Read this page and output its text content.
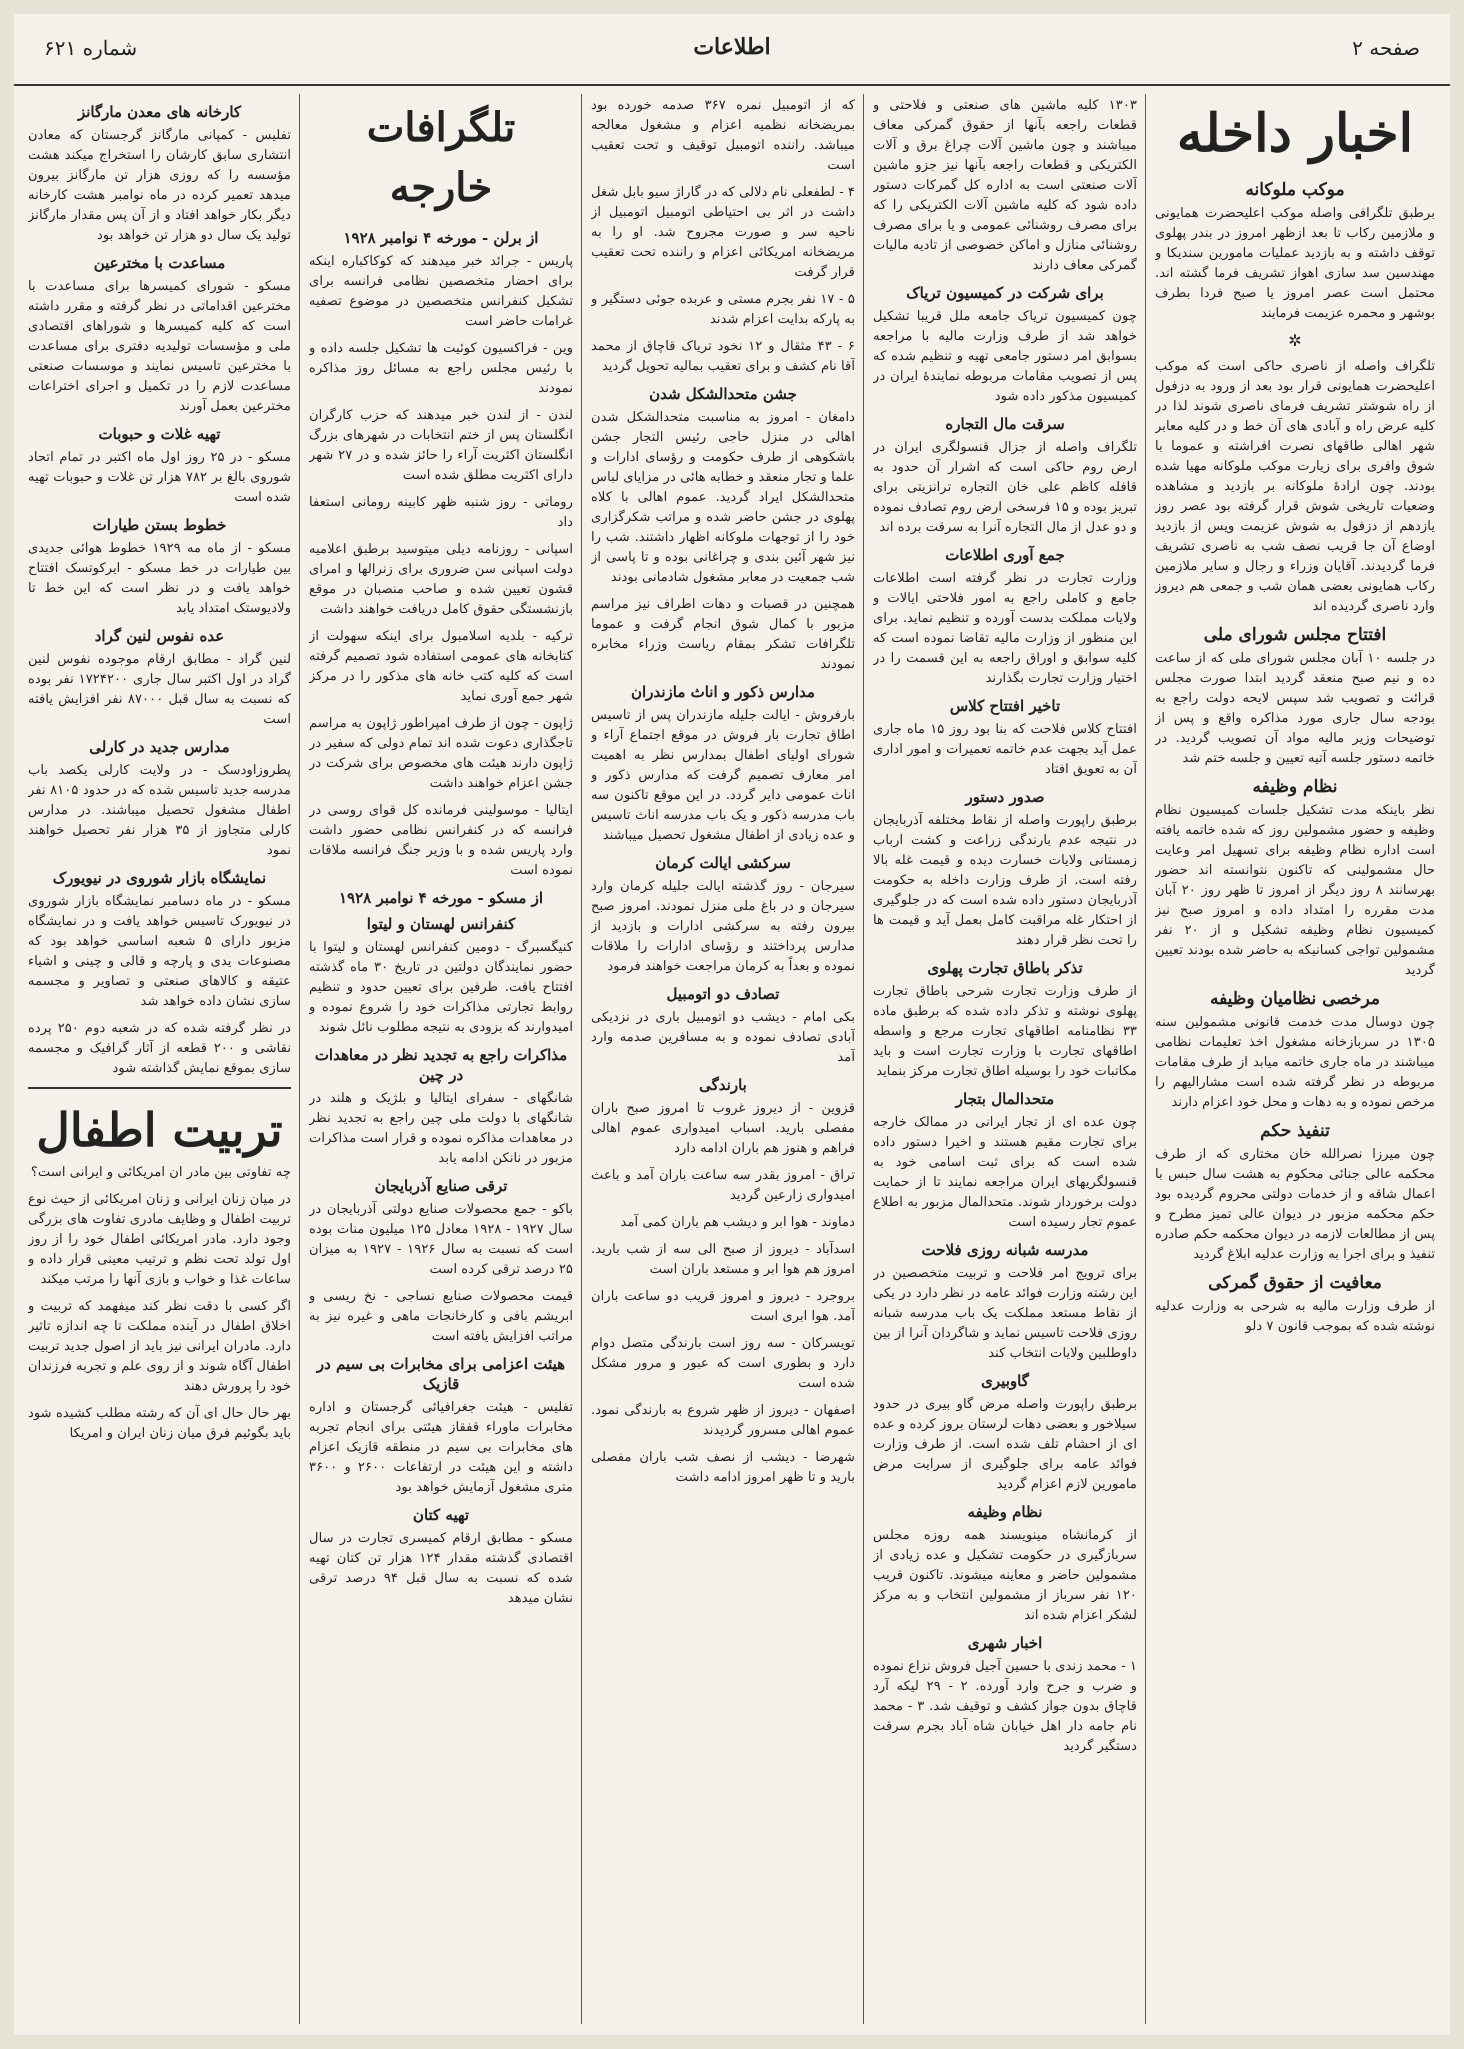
صفحه ۲
اطلاعات
شماره ۶۲۱
اخبار داخله
موکب ملوکانه

برطبق تلگرافی واصله موکب اعلیحضرت همایونی و ملازمین رکاب تا بعد ازظهر امروز در بندر پهلوی توقف داشته و به بازدید عملیات مامورین سندیکا و مهندسین سد سازی اهواز تشریف فرما گشته اند. محتمل است عصر امروز یا صبح فردا بطرف بوشهر و محمره عزیمت فرمایند

✲

تلگراف واصله از ناصری حاکی است که موکب اعلیحضرت همایونی قرار بود بعد از ورود به دزفول از راه شوشتر تشریف فرمای ناصری شوند لذا در کلیه عرض راه و آبادی های آن خط و در کلیه معابر شهر اهالی طاقهای نصرت افراشته و عموما با شوق وافری برای زیارت موکب ملوکانه مهیا شده بودند. چون ارادهٔ ملوکانه بر بازدید و مشاهده وضعیات تاریخی شوش قرار گرفته بود عصر روز یازدهم از دزفول به شوش عزیمت ویس از بازدید اوضاع آن جا قریب نصف شب به ناصری تشریف فرما گردیدند. آقایان وزراء و رجال و سایر ملازمین رکاب همایونی بعضی همان شب و جمعی هم دیروز وارد ناصری گردیده اند

افتتاح مجلس شورای ملی

در جلسه ۱۰ آبان مجلس شورای ملی که از ساعت ده و نیم صبح منعقد گردید ابتدا صورت مجلس قرائت و تصویب شد سپس لایحه دولت راجع به بودجه سال جاری مورد مذاکره واقع و پس از توضیحات وزیر مالیه مواد آن تصویب گردید. در خاتمه دستور جلسه آتیه تعیین و جلسه ختم شد

نظام وظیفه

نظر باینکه مدت تشکیل جلسات کمیسیون نظام وظیفه و حضور مشمولین روز که شده خاتمه یافته است اداره نظام وظیفه برای تسهیل امر وعایت حال مشمولینی که تاکنون نتوانسته اند حضور بهرسانند ۸ روز دیگر از امروز تا ظهر روز ۲۰ آبان مدت مقرره را امتداد داده و امروز صبح نیز کمیسیون نظام وظیفه تشکیل و از ۲۰ نفر مشمولین تواجی کسانیکه به حاضر شده بودند تعیین گردید

مرخصی نظامیان وظیفه

چون دوسال مدت خدمت قانونی مشمولین سنه ۱۳۰۵ در سربازخانه مشغول اخذ تعلیمات نظامی میباشند در ماه جاری خاتمه میابد از طرف مقامات مربوطه در نظر گرفته شده است مشارالیهم را مرخص نموده و به دهات و محل خود اعزام دارند

تنفیذ حکم

چون میرزا نصرالله خان مختاری که از طرف محکمه عالی جنائی محکوم به هشت سال حبس با اعمال شاقه و از خدمات دولتی محروم گردیده بود حکم محکمه مزبور در دیوان عالی تمیز مطرح و پس از مطالعات لازمه در دیوان محکمه حکم صادره تنفیذ و برای اجرا به وزارت عدلیه ابلاغ گردید

معافیت از حقوق گمرکی

از طرف وزارت مالیه به شرحی به وزارت عدلیه نوشته شده که بموجب قانون ۷ دلو

۱۳۰۳ کلیه ماشین های صنعتی و فلاحتی و قطعات راجعه بآنها از حقوق گمرکی معاف میباشند و چون ماشین آلات چراغ برق و آلات الکتریکی و قطعات راجعه بآنها نیز جزو ماشین آلات صنعتی است به اداره کل گمرکات دستور داده شود که کلیه ماشین آلات الکتریکی را که برای مصرف روشنائی عمومی و یا برای مصرف روشنائی منازل و اماکن خصوصی از تادیه مالیات گمرکی معاف دارند

برای شرکت در کمیسیون تریاک

چون کمیسیون تریاک جامعه ملل قریبا تشکیل خواهد شد از طرف وزارت مالیه با مراجعه بسوابق امر دستور جامعی تهیه و تنظیم شده که پس از تصویب مقامات مربوطه نمایندهٔ ایران در کمیسیون مذکور داده شود

سرقت مال التجاره

تلگراف واصله از جزال قنسولگری ایران در ارض روم حاکی است که اشرار آن حدود به قافله کاظم علی خان التجاره ترانزیتی برای تبریز بوده و ۱۵ فرسخی ارض روم تصادف نموده و دو عدل از مال التجاره آنرا به سرقت برده اند

جمع آوری اطلاعات

وزارت تجارت در نظر گرفته است اطلاعات جامع و کاملی راجع به امور فلاحتی ایالات و ولایات مملکت بدست آورده و تنظیم نماید. برای این منظور از وزارت مالیه تقاضا نموده است که کلیه سوابق و اوراق راجعه به این قسمت را در اختیار وزارت تجارت بگذارند

تاخیر افتتاح کلاس

افتتاح کلاس فلاحت که بنا بود روز ۱۵ ماه جاری عمل آید بجهت عدم خاتمه تعمیرات و امور اداری آن به تعویق افتاد

صدور دستور

برطبق راپورت واصله از نقاط مختلفه آذربایجان در نتیجه عدم بارندگی زراعت و کشت ارباب زمستانی ولایات خسارت دیده و قیمت غله بالا رفته است. از طرف وزارت داخله به حکومت آذربایجان دستور داده شده است که در جلوگیری از احتکار غله مراقبت کامل بعمل آید و قیمت ها را تحت نظر قرار دهند

تذکر باطاق تجارت پهلوی

از طرف وزارت تجارت شرحی باطاق تجارت پهلوی نوشته و تذکر داده شده که برطبق ماده ۳۳ نظامنامه اطاقهای تجارت مرجع و واسطه اطاقهای تجارت با وزارت تجارت است و باید مکاتبات خود را بوسیله اطاق تجارت مرکز بنماید

متحدالمال بتجار

چون عده ای از تجار ایرانی در ممالک خارجه برای تجارت مقیم هستند و اخیرا دستور داده شده است که برای ثبت اسامی خود به قنسولگریهای ایران مراجعه نمایند تا از حمایت دولت برخوردار شوند. متحدالمال مزبور به اطلاع عموم تجار رسیده است

مدرسه شبانه روزی فلاحت

برای ترویج امر فلاحت و تربیت متخصصین در این رشته وزارت فوائد عامه در نظر دارد در یکی از نقاط مستعد مملکت یک باب مدرسه شبانه روزی فلاحت تاسیس نماید و شاگردان آنرا از بین داوطلبین ولایات انتخاب کند

گاوبیری

برطبق راپورت واصله مرض گاو بیری در حدود سیلاخور و بعضی دهات لرستان بروز کرده و عده ای از احشام تلف شده است. از طرف وزارت فوائد عامه برای جلوگیری از سرایت مرض مامورین لازم اعزام گردید

نظام وظیفه

از کرمانشاه مینویسند همه روزه مجلس سربازگیری در حکومت تشکیل و عده زیادی از مشمولین حاضر و معاینه میشوند. تاکنون قریب ۱۲۰ نفر سرباز از مشمولین انتخاب و به مرکز لشکر اعزام شده اند

اخبار شهری

۱ - محمد زندی با حسین آجیل فروش نزاع نموده و ضرب و جرح وارد آورده. ۲ - ۲۹ لیکه آرد قاچاق بدون جواز کشف و توقیف شد. ۳ - محمد نام جامه دار اهل خیابان شاه آباد بجرم سرقت دستگیر گردید

که از اتومبیل نمره ۳۶۷ صدمه خورده بود بمریضخانه نظمیه اعزام و مشغول معالجه میباشد. راننده اتومبیل توقیف و تحت تعقیب است

۴ - لطفعلی نام دلالی که در گاراژ سیو بابل شغل داشت در اثر بی احتیاطی اتومبیل اتومبیل از ناحیه سر و صورت مجروح شد. او را به مریضخانه امریکائی اعزام و راننده تحت تعقیب قرار گرفت

۵ - ۱۷ نفر بجرم مستی و عربده جوئی دستگیر و به پارکه بدایت اعزام شدند

۶ - ۴۳ مثقال و ۱۲ نخود تریاک قاچاق از محمد آقا نام کشف و برای تعقیب بمالیه تحویل گردید

جشن متحدالشکل شدن

دامغان - امروز به مناسبت متحدالشکل شدن اهالی در منزل حاجی رئیس التجار جشن باشکوهی از طرف حکومت و رؤسای ادارات و علما و تجار منعقد و خطابه هائی در مزایای لباس متحدالشکل ایراد گردید. عموم اهالی با کلاه پهلوی در جشن حاضر شده و مراتب شکرگزاری خود را از توجهات ملوکانه اظهار داشتند. شب را نیز شهر آئین بندی و چراغانی بوده و تا پاسی از شب جمعیت در معابر مشغول شادمانی بودند

همچنین در قصبات و دهات اطراف نیز مراسم مزبور با کمال شوق انجام گرفت و عموما تلگرافات تشکر بمقام ریاست وزراء مخابره نمودند

مدارس ذکور و اناث مازندران

بارفروش - ایالت جلیله مازندران پس از تاسیس اطاق تجارت بار فروش در موقع اجتماع آراء و شورای اولیای اطفال بمدارس نظر به اهمیت امر معارف تصمیم گرفت که مدارس ذکور و اناث عمومی دایر گردد. در این موقع تاکنون سه باب مدرسه ذکور و یک باب مدرسه اناث تاسیس و عده زیادی از اطفال مشغول تحصیل میباشند

سرکشی ایالت کرمان

سیرجان - روز گذشته ایالت جلیله کرمان وارد سیرجان و در باغ ملی منزل نمودند. امروز صبح بیرون رفته به سرکشی ادارات و بازدید از مدارس پرداختند و رؤسای ادارات را ملاقات نموده و بعداً به کرمان مراجعت خواهند فرمود

تصادف دو اتومبیل

بکی امام - دیشب دو اتومبیل باری در نزدیکی آبادی تصادف نموده و به مسافرین صدمه وارد آمد

بارندگی

قزوین - از دیروز غروب تا امروز صبح باران مفصلی بارید. اسباب امیدواری عموم اهالی فراهم و هنوز هم باران ادامه دارد

تراق - امروز بقدر سه ساعت باران آمد و باعث امیدواری زارعین گردید

دماوند - هوا ابر و دیشب هم باران کمی آمد

اسدآباد - دیروز از صبح الی سه از شب بارید. امروز هم هوا ابر و مستعد باران است

بروجرد - دیروز و امروز قریب دو ساعت باران آمد. هوا ابری است

تویسرکان - سه روز است بارندگی متصل دوام دارد و بطوری است که عبور و مرور مشکل شده است

اصفهان - دیروز از ظهر شروع به بارندگی نمود. عموم اهالی مسرور گردیدند

شهرضا - دیشب از نصف شب باران مفصلی بارید و تا ظهر امروز ادامه داشت

تلگرافات خارجه
از برلن - مورخه ۴ نوامبر ۱۹۲۸

پاریس - جرائد خبر میدهند که کوکاکباره اینکه برای احضار متخصصین نظامی فرانسه برای تشکیل کنفرانس متخصصین در موضوع تصفیه غرامات حاضر است

وین - فراکسیون کوئیت ها تشکیل جلسه داده و با رئیس مجلس راجع به مسائل روز مذاکره نمودند

لندن - از لندن خبر میدهند که حزب کارگران انگلستان پس از ختم انتخابات در شهرهای بزرگ انگلستان اکثریت آراء را حائز شده و در ۲۷ شهر دارای اکثریت مطلق شده است

روماتی - روز شنبه ظهر کابینه رومانی استعفا داد

اسپانی - روزنامه دیلی میتوسید برطبق اعلامیه دولت اسپانی سن ضروری برای زنرالها و امرای قشون تعیین شده و صاحب منصبان در موقع بازنشستگی حقوق کامل دریافت خواهند داشت

ترکیه - بلدیه اسلامبول برای اینکه سهولت از کتابخانه های عمومی استفاده شود تصمیم گرفته است که کلیه کتب خانه های مذکور را در مرکز شهر جمع آوری نماید

ژاپون - چون از طرف امپراطور ژاپون به مراسم تاجگذاری دعوت شده اند تمام دولی که سفیر در ژاپون دارند هیئت های مخصوص برای شرکت در جشن اعزام خواهند داشت

ایتالیا - موسولینی فرمانده کل قوای روسی در فرانسه که در کنفرانس نظامی حضور داشت وارد پاریس شده و با وزیر جنگ فرانسه ملاقات نموده است

از مسکو - مورخه ۴ نوامبر ۱۹۲۸
کنفرانس لهستان و لیتوا

کنیگسبرگ - دومین کنفرانس لهستان و لیتوا با حضور نمایندگان دولتین در تاریخ ۳۰ ماه گذشته افتتاح یافت. طرفین برای تعیین حدود و تنظیم روابط تجارتی مذاکرات خود را شروع نموده و امیدوارند که بزودی به نتیجه مطلوب نائل شوند

مذاکرات راجع به تجدید نظر در معاهدات در چین

شانگهای - سفرای ایتالیا و بلژیک و هلند در شانگهای با دولت ملی چین راجع به تجدید نظر در معاهدات مذاکره نموده و قرار است مذاکرات مزبور در نانکن ادامه یابد

ترقی صنایع آذربایجان

باکو - جمع محصولات صنایع دولتی آذربایجان در سال ۱۹۲۷ - ۱۹۲۸ معادل ۱۲۵ میلیون منات بوده است که نسبت به سال ۱۹۲۶ - ۱۹۲۷ به میزان ۲۵ درصد ترقی کرده است

قیمت محصولات صنایع نساجی - نخ ریسی و ابریشم بافی و کارخانجات ماهی و غیره نیز به مراتب افزایش یافته است

هیئت اعزامی برای مخابرات بی سیم در قازیک

تفلیس - هیئت جغرافیائی گرجستان و اداره مخابرات ماوراء قفقاز هیئتی برای انجام تجربه های مخابرات بی سیم در منطقه قازیک اعزام داشته و این هیئت در ارتفاعات ۲۶۰۰ و ۳۶۰۰ متری مشغول آزمایش خواهد بود

تهیه کتان

مسکو - مطابق ارقام کمیسری تجارت در سال اقتصادی گذشته مقدار ۱۲۴ هزار تن کتان تهیه شده که نسبت به سال قبل ۹۴ درصد ترقی نشان میدهد

کارخانه های معدن مارگانز

تفلیس - کمپانی مارگانز گرجستان که معادن انتشاری سابق کارشان را استخراج میکند هشت مؤسسه را که روزی هزار تن مارگانز بیرون میدهد تعمیر کرده در ماه نوامبر هشت کارخانه دیگر بکار خواهد افتاد و از آن پس مقدار مارگانز تولید یک سال دو هزار تن خواهد بود

مساعدت با مخترعین

مسکو - شورای کمیسرها برای مساعدت با مخترعین اقداماتی در نظر گرفته و مقرر داشته است که کلیه کمیسرها و شوراهای اقتصادی ملی و مؤسسات تولیدیه دفتری برای مساعدت با مخترعین تاسیس نمایند و موسسات صنعتی مساعدت لازم را در تکمیل و اجرای اختراعات مخترعین بعمل آورند

تهیه غلات و حبوبات

مسکو - در ۲۵ روز اول ماه اکتبر در تمام اتحاد شوروی بالغ بر ۷۸۲ هزار تن غلات و حبوبات تهیه شده است

خطوط بستن طیارات

مسکو - از ماه مه ۱۹۲۹ خطوط هوائی جدیدی بین طیارات در خط مسکو - ایرکوتسک افتتاح خواهد یافت و در نظر است که این خط تا ولادیوستک امتداد یابد

عده نفوس لنین گراد

لنین گراد - مطابق ارقام موجوده نفوس لنین گراد در اول اکتبر سال جاری ۱۷۲۴۲۰۰ نفر بوده که نسبت به سال قبل ۸۷۰۰۰ نفر افزایش یافته است

مدارس جدید در کارلی

پطروزاودسک - در ولایت کارلی یکصد باب مدرسه جدید تاسیس شده که در حدود ۸۱۰۵ نفر اطفال مشغول تحصیل میباشند. در مدارس کارلی متجاوز از ۳۵ هزار نفر تحصیل خواهند نمود

نمایشگاه بازار شوروی در نیویورک

مسکو - در ماه دسامبر نمایشگاه بازار شوروی در نیویورک تاسیس خواهد یافت و در نمایشگاه مزبور دارای ۵ شعبه اساسی خواهد بود که مصنوعات یدی و پارچه و قالی و چینی و اشیاء عتیقه و کالاهای صنعتی و تصاویر و مجسمه سازی نشان داده خواهد شد

در نظر گرفته شده که در شعبه دوم ۲۵۰ پرده نقاشی و ۲۰۰ قطعه از آثار گرافیک و مجسمه سازی بموقع نمایش گذاشته شود

تربیت اطفال

چه تفاوتی بین مادر ان امریکائی و ایرانی است؟

در میان زنان ایرانی و زنان امریکائی از حیث نوع تربیت اطفال و وظایف مادری تفاوت های بزرگی وجود دارد. مادر امریکائی اطفال خود را از روز اول تولد تحت نظم و ترتیب معینی قرار داده و ساعات غذا و خواب و بازی آنها را مرتب میکند

اگر کسی با دقت نظر کند میفهمد که تربیت و اخلاق اطفال در آینده مملکت تا چه اندازه تاثیر دارد. مادران ایرانی نیز باید از اصول جدید تربیت اطفال آگاه شوند و از روی علم و تجربه فرزندان خود را پرورش دهند

بهر حال حال ای آن که رشته مطلب کشیده شود باید بگوئیم فرق میان زنان ایران و امریکا
